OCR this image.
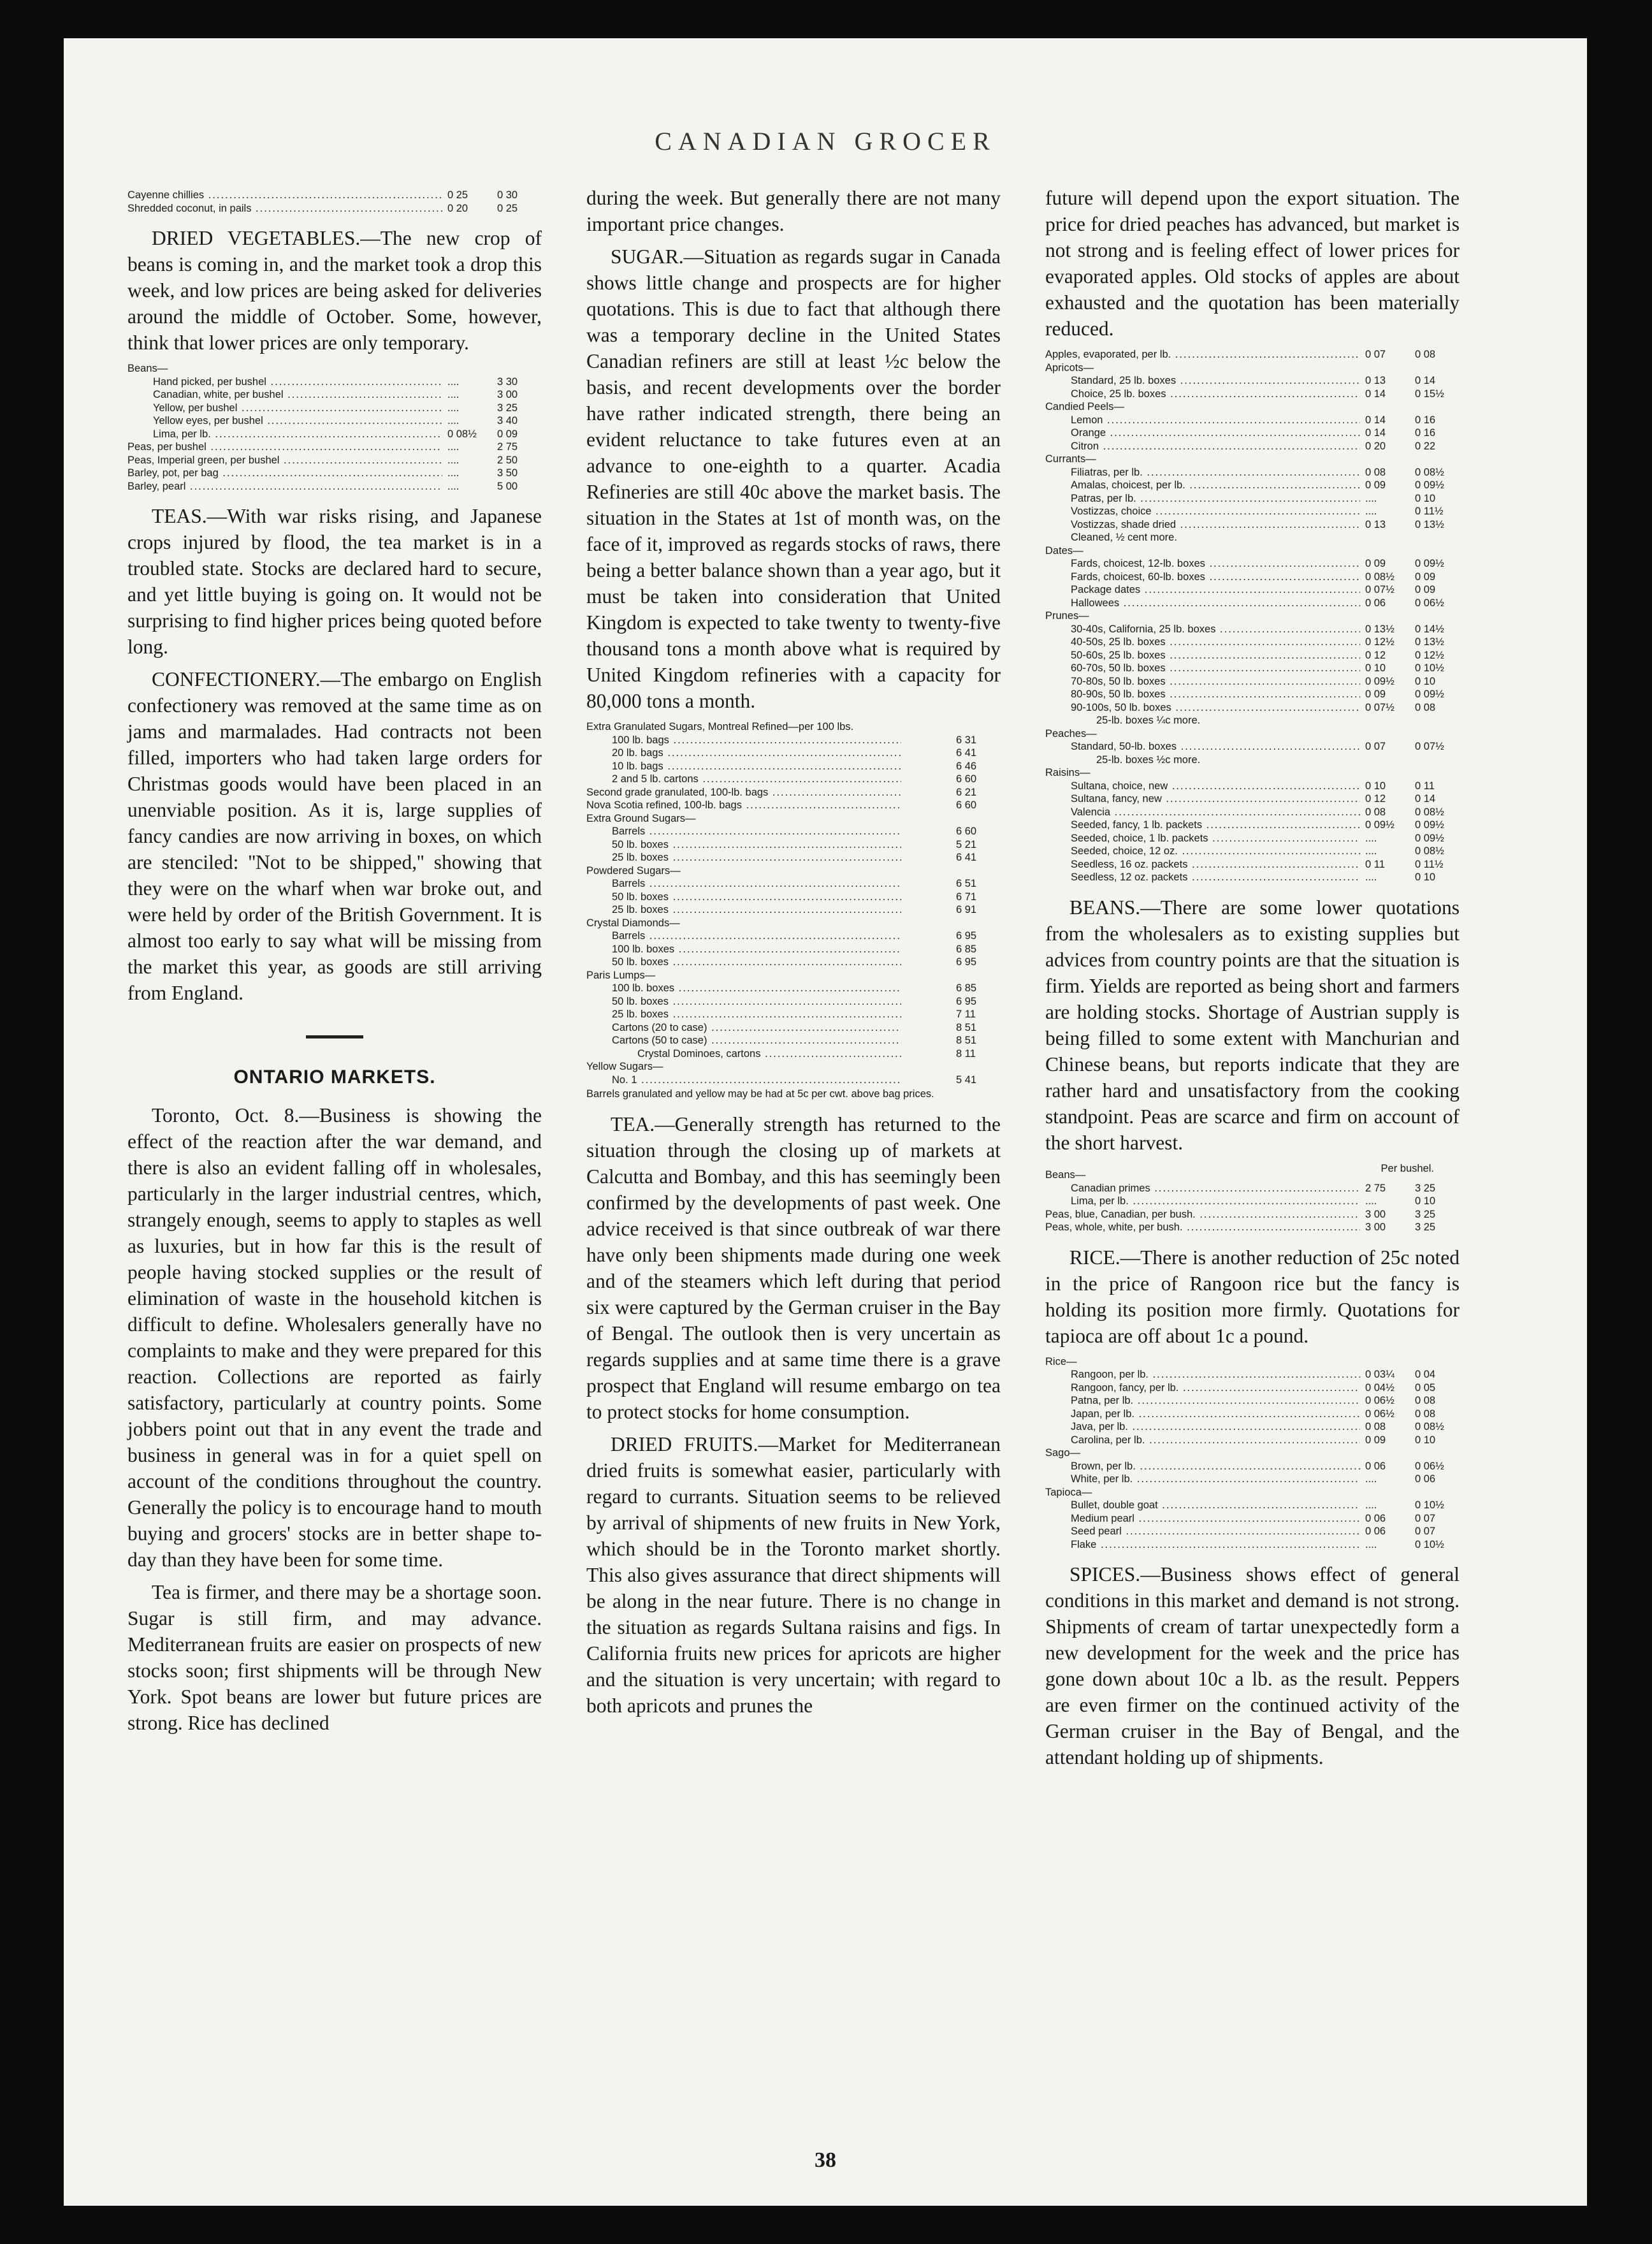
CANADIAN GROCER
Cayenne chillies .....	0 25	0 30
Shredded coconut, in pails .....	0 20	0 25

DRIED VEGETABLES.—The new crop of beans is coming in, and the market took a drop this week, and low prices are being asked for deliveries around the middle of October. Some, however, think that lower prices are only temporary.

Beans—
Hand picked, per bushel .....	....	3 30
Canadian, white, per bushel .....	....	3 00
Yellow, per bushel .....	....	3 25
Yellow eyes, per bushel .....	....	3 40
Lima, per lb. .....	0 08½	0 09
Peas, per bushel .....	....	2 75
Peas, Imperial green, per bushel .....	....	2 50
Barley, pot, per bag .....	....	3 50
Barley, pearl .....	....	5 00

TEAS.—With war risks rising, and Japanese crops injured by flood, the tea market is in a troubled state. Stocks are declared hard to secure, and yet little buying is going on. It would not be surprising to find higher prices being quoted before long.

CONFECTIONERY.—The embargo on English confectionery was removed at the same time as on jams and marmalades. Had contracts not been filled, importers who had taken large orders for Christmas goods would have been placed in an unenviable position. As it is, large supplies of fancy candies are now arriving in boxes, on which are stenciled: ''Not to be shipped,'' showing that they were on the wharf when war broke out, and were held by order of the British Government. It is almost too early to say what will be missing from the market this year, as goods are still arriving from England.

ONTARIO MARKETS.

Toronto, Oct. 8.—Business is showing the effect of the reaction after the war demand, and there is also an evident falling off in wholesales, particularly in the larger industrial centres, which, strangely enough, seems to apply to staples as well as luxuries, but in how far this is the result of people having stocked supplies or the result of elimination of waste in the household kitchen is difficult to define. Wholesalers generally have no complaints to make and they were prepared for this reaction. Collections are reported as fairly satisfactory, particularly at country points. Some jobbers point out that in any event the trade and business in general was in for a quiet spell on account of the conditions throughout the country. Generally the policy is to encourage hand to mouth buying and grocers' stocks are in better shape to-day than they have been for some time.

Tea is firmer, and there may be a shortage soon. Sugar is still firm, and may advance. Mediterranean fruits are easier on prospects of new stocks soon; first shipments will be through New York. Spot beans are lower but future prices are strong. Rice has declined

during the week. But generally there are not many important price changes.

SUGAR.—Situation as regards sugar in Canada shows little change and prospects are for higher quotations. This is due to fact that although there was a temporary decline in the United States Canadian refiners are still at least ½c below the basis, and recent developments over the border have rather indicated strength, there being an evident reluctance to take futures even at an advance to one-eighth to a quarter. Acadia Refineries are still 40c above the market basis. The situation in the States at 1st of month was, on the face of it, improved as regards stocks of raws, there being a better balance shown than a year ago, but it must be taken into consideration that United Kingdom is expected to take twenty to twenty-five thousand tons a month above what is required by United Kingdom refineries with a capacity for 80,000 tons a month.

Extra Granulated Sugars, Montreal Refined—per 100 lbs.
100 lb. bags .....	6 31
20 lb. bags .....	6 41
10 lb. bags .....	6 46
2 and 5 lb. cartons .....	6 60
Second grade granulated, 100-lb. bags .....	6 21
Nova Scotia refined, 100-lb. bags .....	6 60
Extra Ground Sugars—
Barrels .....	6 60
50 lb. boxes .....	5 21
25 lb. boxes .....	6 41
Powdered Sugars—
Barrels .....	6 51
50 lb. boxes .....	6 71
25 lb. boxes .....	6 91
Crystal Diamonds—
Barrels .....	6 95
100 lb. boxes .....	6 85
50 lb. boxes .....	6 95
Paris Lumps—
100 lb. boxes .....	6 85
50 lb. boxes .....	6 95
25 lb. boxes .....	7 11
Cartons (20 to case) .....	8 51
Cartons (50 to case) .....	8 51
Crystal Dominoes, cartons .....	8 11
Yellow Sugars—
No. 1 .....	5 41
Barrels granulated and yellow may be had at 5c per cwt. above bag prices.

TEA.—Generally strength has returned to the situation through the closing up of markets at Calcutta and Bombay, and this has seemingly been confirmed by the developments of past week. One advice received is that since outbreak of war there have only been shipments made during one week and of the steamers which left during that period six were captured by the German cruiser in the Bay of Bengal. The outlook then is very uncertain as regards supplies and at same time there is a grave prospect that England will resume embargo on tea to protect stocks for home consumption.

DRIED FRUITS.—Market for Mediterranean dried fruits is somewhat easier, particularly with regard to currants. Situation seems to be relieved by arrival of shipments of new fruits in New York, which should be in the Toronto market shortly. This also gives assurance that direct shipments will be along in the near future. There is no change in the situation as regards Sultana raisins and figs. In California fruits new prices for apricots are higher and the situation is very uncertain; with regard to both apricots and prunes the

future will depend upon the export situation. The price for dried peaches has advanced, but market is not strong and is feeling effect of lower prices for evaporated apples. Old stocks of apples are about exhausted and the quotation has been materially reduced.

Apples, evaporated, per lb. .....	0 07	0 08
Apricots—
Standard, 25 lb. boxes .....	0 13	0 14
Choice, 25 lb. boxes .....	0 14	0 15½
Candied Peels—
Lemon .....	0 14	0 16
Orange .....	0 14	0 16
Citron .....	0 20	0 22
Currants—
Filiatras, per lb. .....	0 08	0 08½
Amalas, choicest, per lb. .....	0 09	0 09½
Patras, per lb. .....	....	0 10
Vostizzas, choice .....	....	0 11½
Vostizzas, shade dried .....	0 13	0 13½
Cleaned, ½ cent more.
Dates—
Fards, choicest, 12-lb. boxes .....	0 09	0 09½
Fards, choicest, 60-lb. boxes .....	0 08½	0 09
Package dates .....	0 07½	0 09
Hallowees .....	0 06	0 06½
Prunes—
30-40s, California, 25 lb. boxes .....	0 13½	0 14½
40-50s, 25 lb. boxes .....	0 12½	0 13½
50-60s, 25 lb. boxes .....	0 12	0 12½
60-70s, 50 lb. boxes .....	0 10	0 10½
70-80s, 50 lb. boxes .....	0 09½	0 10
80-90s, 50 lb. boxes .....	0 09	0 09½
90-100s, 50 lb. boxes .....	0 07½	0 08
25-lb. boxes ¼c more.
Peaches—
Standard, 50-lb. boxes .....	0 07	0 07½
25-lb. boxes ½c more.
Raisins—
Sultana, choice, new .....	0 10	0 11
Sultana, fancy, new .....	0 12	0 14
Valencia .....	0 08	0 08½
Seeded, fancy, 1 lb. packets .....	0 09½	0 09½
Seeded, choice, 1 lb. packets .....	....	0 09½
Seeded, choice, 12 oz. .....	....	0 08½
Seedless, 16 oz. packets .....	0 11	0 11½
Seedless, 12 oz. packets .....	....	0 10

BEANS.—There are some lower quotations from the wholesalers as to existing supplies but advices from country points are that the situation is firm. Yields are reported as being short and farmers are holding stocks. Shortage of Austrian supply is being filled to some extent with Manchurian and Chinese beans, but reports indicate that they are rather hard and unsatisfactory from the cooking standpoint. Peas are scarce and firm on account of the short harvest.

Per bushel.
Beans—
Canadian primes .....	2 75	3 25
Lima, per lb. .....	....	0 10
Peas, blue, Canadian, per bush. .....	3 00	3 25
Peas, whole, white, per bush. .....	3 00	3 25

RICE.—There is another reduction of 25c noted in the price of Rangoon rice but the fancy is holding its position more firmly. Quotations for tapioca are off about 1c a pound.

Rice—
Rangoon, per lb. .....	0 03¼	0 04
Rangoon, fancy, per lb. .....	0 04½	0 05
Patna, per lb. .....	0 06½	0 08
Japan, per lb. .....	0 06½	0 08
Java, per lb. .....	0 08	0 08½
Carolina, per lb. .....	0 09	0 10
Sago—
Brown, per lb. .....	0 06	0 06½
White, per lb. .....	....	0 06
Tapioca—
Bullet, double goat .....	....	0 10½
Medium pearl .....	0 06	0 07
Seed pearl .....	0 06	0 07
Flake .....	....	0 10½

SPICES.—Business shows effect of general conditions in this market and demand is not strong. Shipments of cream of tartar unexpectedly form a new development for the week and the price has gone down about 10c a lb. as the result. Peppers are even firmer on the continued activity of the German cruiser in the Bay of Bengal, and the attendant holding up of shipments.

38
